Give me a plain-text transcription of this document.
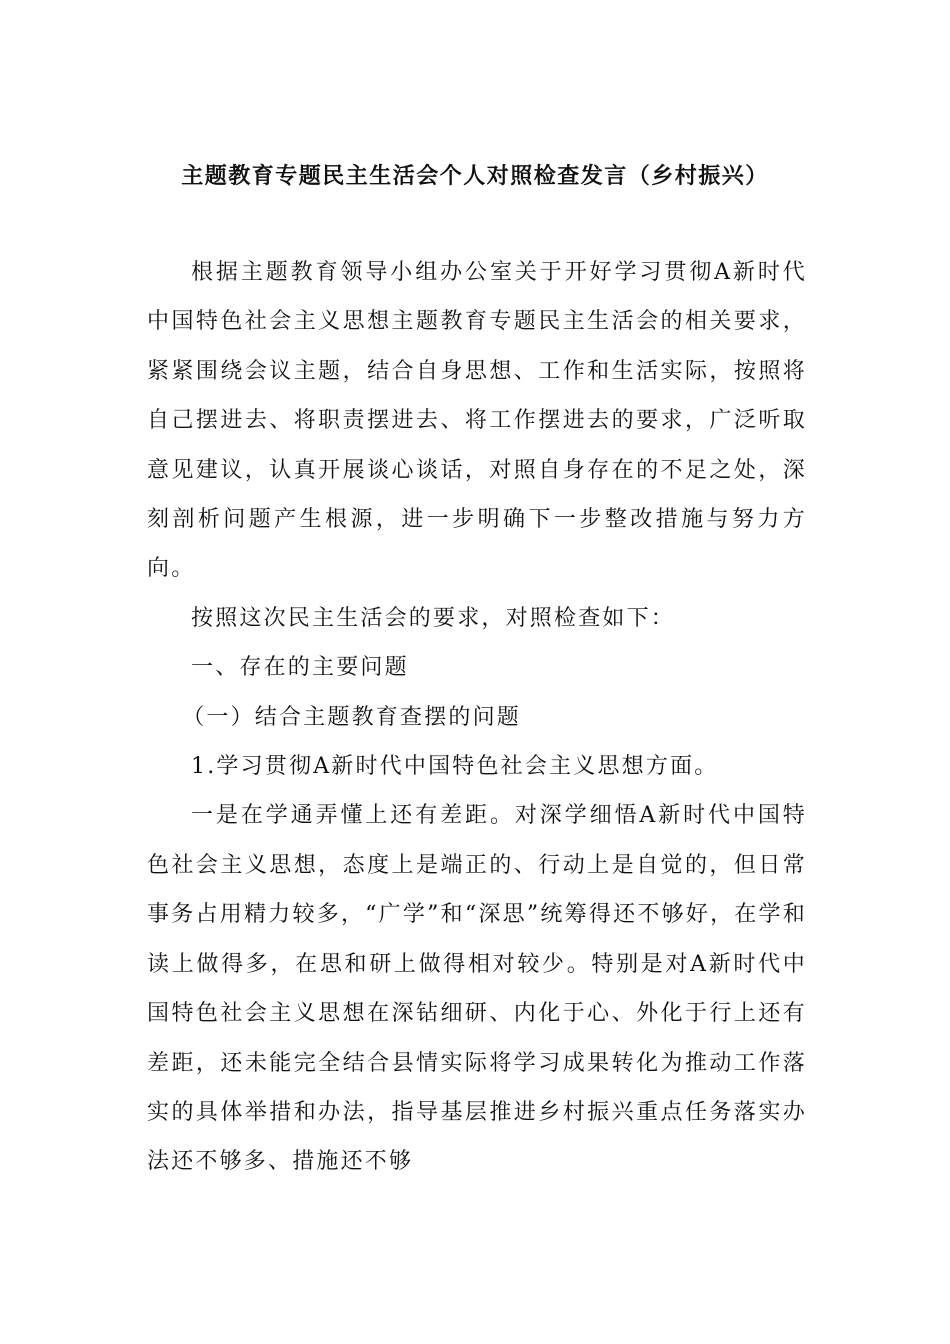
主题教育专题民主生活会个人对照检查发言（乡村振兴）

根据主题教育领导小组办公室关于开好学习贯彻A新时代中国特色社会主义思想主题教育专题民主生活会的相关要求，紧紧围绕会议主题，结合自身思想、工作和生活实际，按照将自己摆进去、将职责摆进去、将工作摆进去的要求，广泛听取意见建议，认真开展谈心谈话，对照自身存在的不足之处，深刻剖析问题产生根源，进一步明确下一步整改措施与努力方向。

按照这次民主生活会的要求，对照检查如下：

一、存在的主要问题

（一）结合主题教育查摆的问题

1.学习贯彻A新时代中国特色社会主义思想方面。

一是在学通弄懂上还有差距。对深学细悟A新时代中国特色社会主义思想，态度上是端正的、行动上是自觉的，但日常事务占用精力较多，“广学”和“深思”统筹得还不够好，在学和读上做得多，在思和研上做得相对较少。特别是对A新时代中国特色社会主义思想在深钻细研、内化于心、外化于行上还有差距，还未能完全结合县情实际将学习成果转化为推动工作落实的具体举措和办法，指导基层推进乡村振兴重点任务落实办法还不够多、措施还不够
